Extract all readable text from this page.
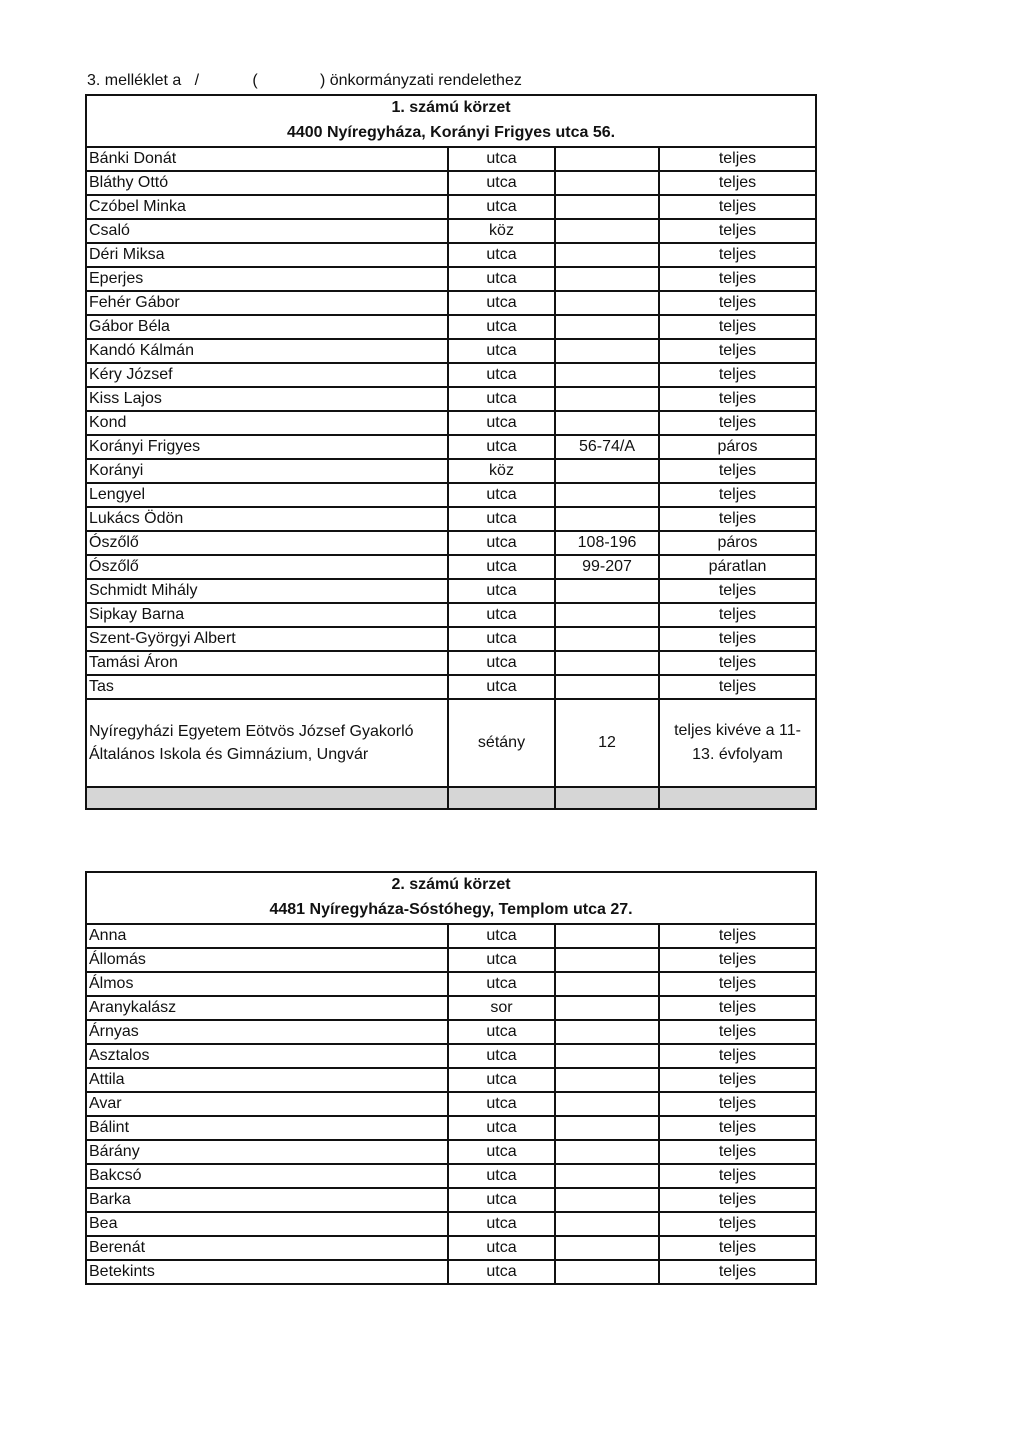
3. melléklet a   /            (              ) önkormányzati rendelethez
1. számú körzet
4400 Nyíregyháza, Korányi Frigyes utca 56.			

Bánki Donát	utca		teljes
Bláthy Ottó	utca		teljes
Czóbel Minka	utca		teljes
Csaló	köz		teljes
Déri Miksa	utca		teljes
Eperjes	utca		teljes
Fehér Gábor	utca		teljes
Gábor Béla	utca		teljes
Kandó Kálmán	utca		teljes
Kéry József	utca		teljes
Kiss Lajos	utca		teljes
Kond	utca		teljes
Korányi Frigyes	utca	56-74/A	páros
Korányi	köz		teljes
Lengyel	utca		teljes
Lukács Ödön	utca		teljes
Ószőlő	utca	108-196	páros
Ószőlő	utca	99-207	páratlan
Schmidt Mihály	utca		teljes
Sipkay Barna	utca		teljes
Szent-Györgyi Albert	utca		teljes
Tamási Áron	utca		teljes
Tas	utca		teljes
Nyíregyházi Egyetem Eötvös József Gyakorló Általános Iskola és Gimnázium, Ungvár	sétány	12	teljes kivéve a 11-13. évfolyam

2. számú körzet
4481 Nyíregyháza-Sóstóhegy, Templom utca 27.			

Anna	utca		teljes
Állomás	utca		teljes
Álmos	utca		teljes
Aranykalász	sor		teljes
Árnyas	utca		teljes
Asztalos	utca		teljes
Attila	utca		teljes
Avar	utca		teljes
Bálint	utca		teljes
Bárány	utca		teljes
Bakcsó	utca		teljes
Barka	utca		teljes
Bea	utca		teljes
Berenát	utca		teljes
Betekints	utca		teljes
